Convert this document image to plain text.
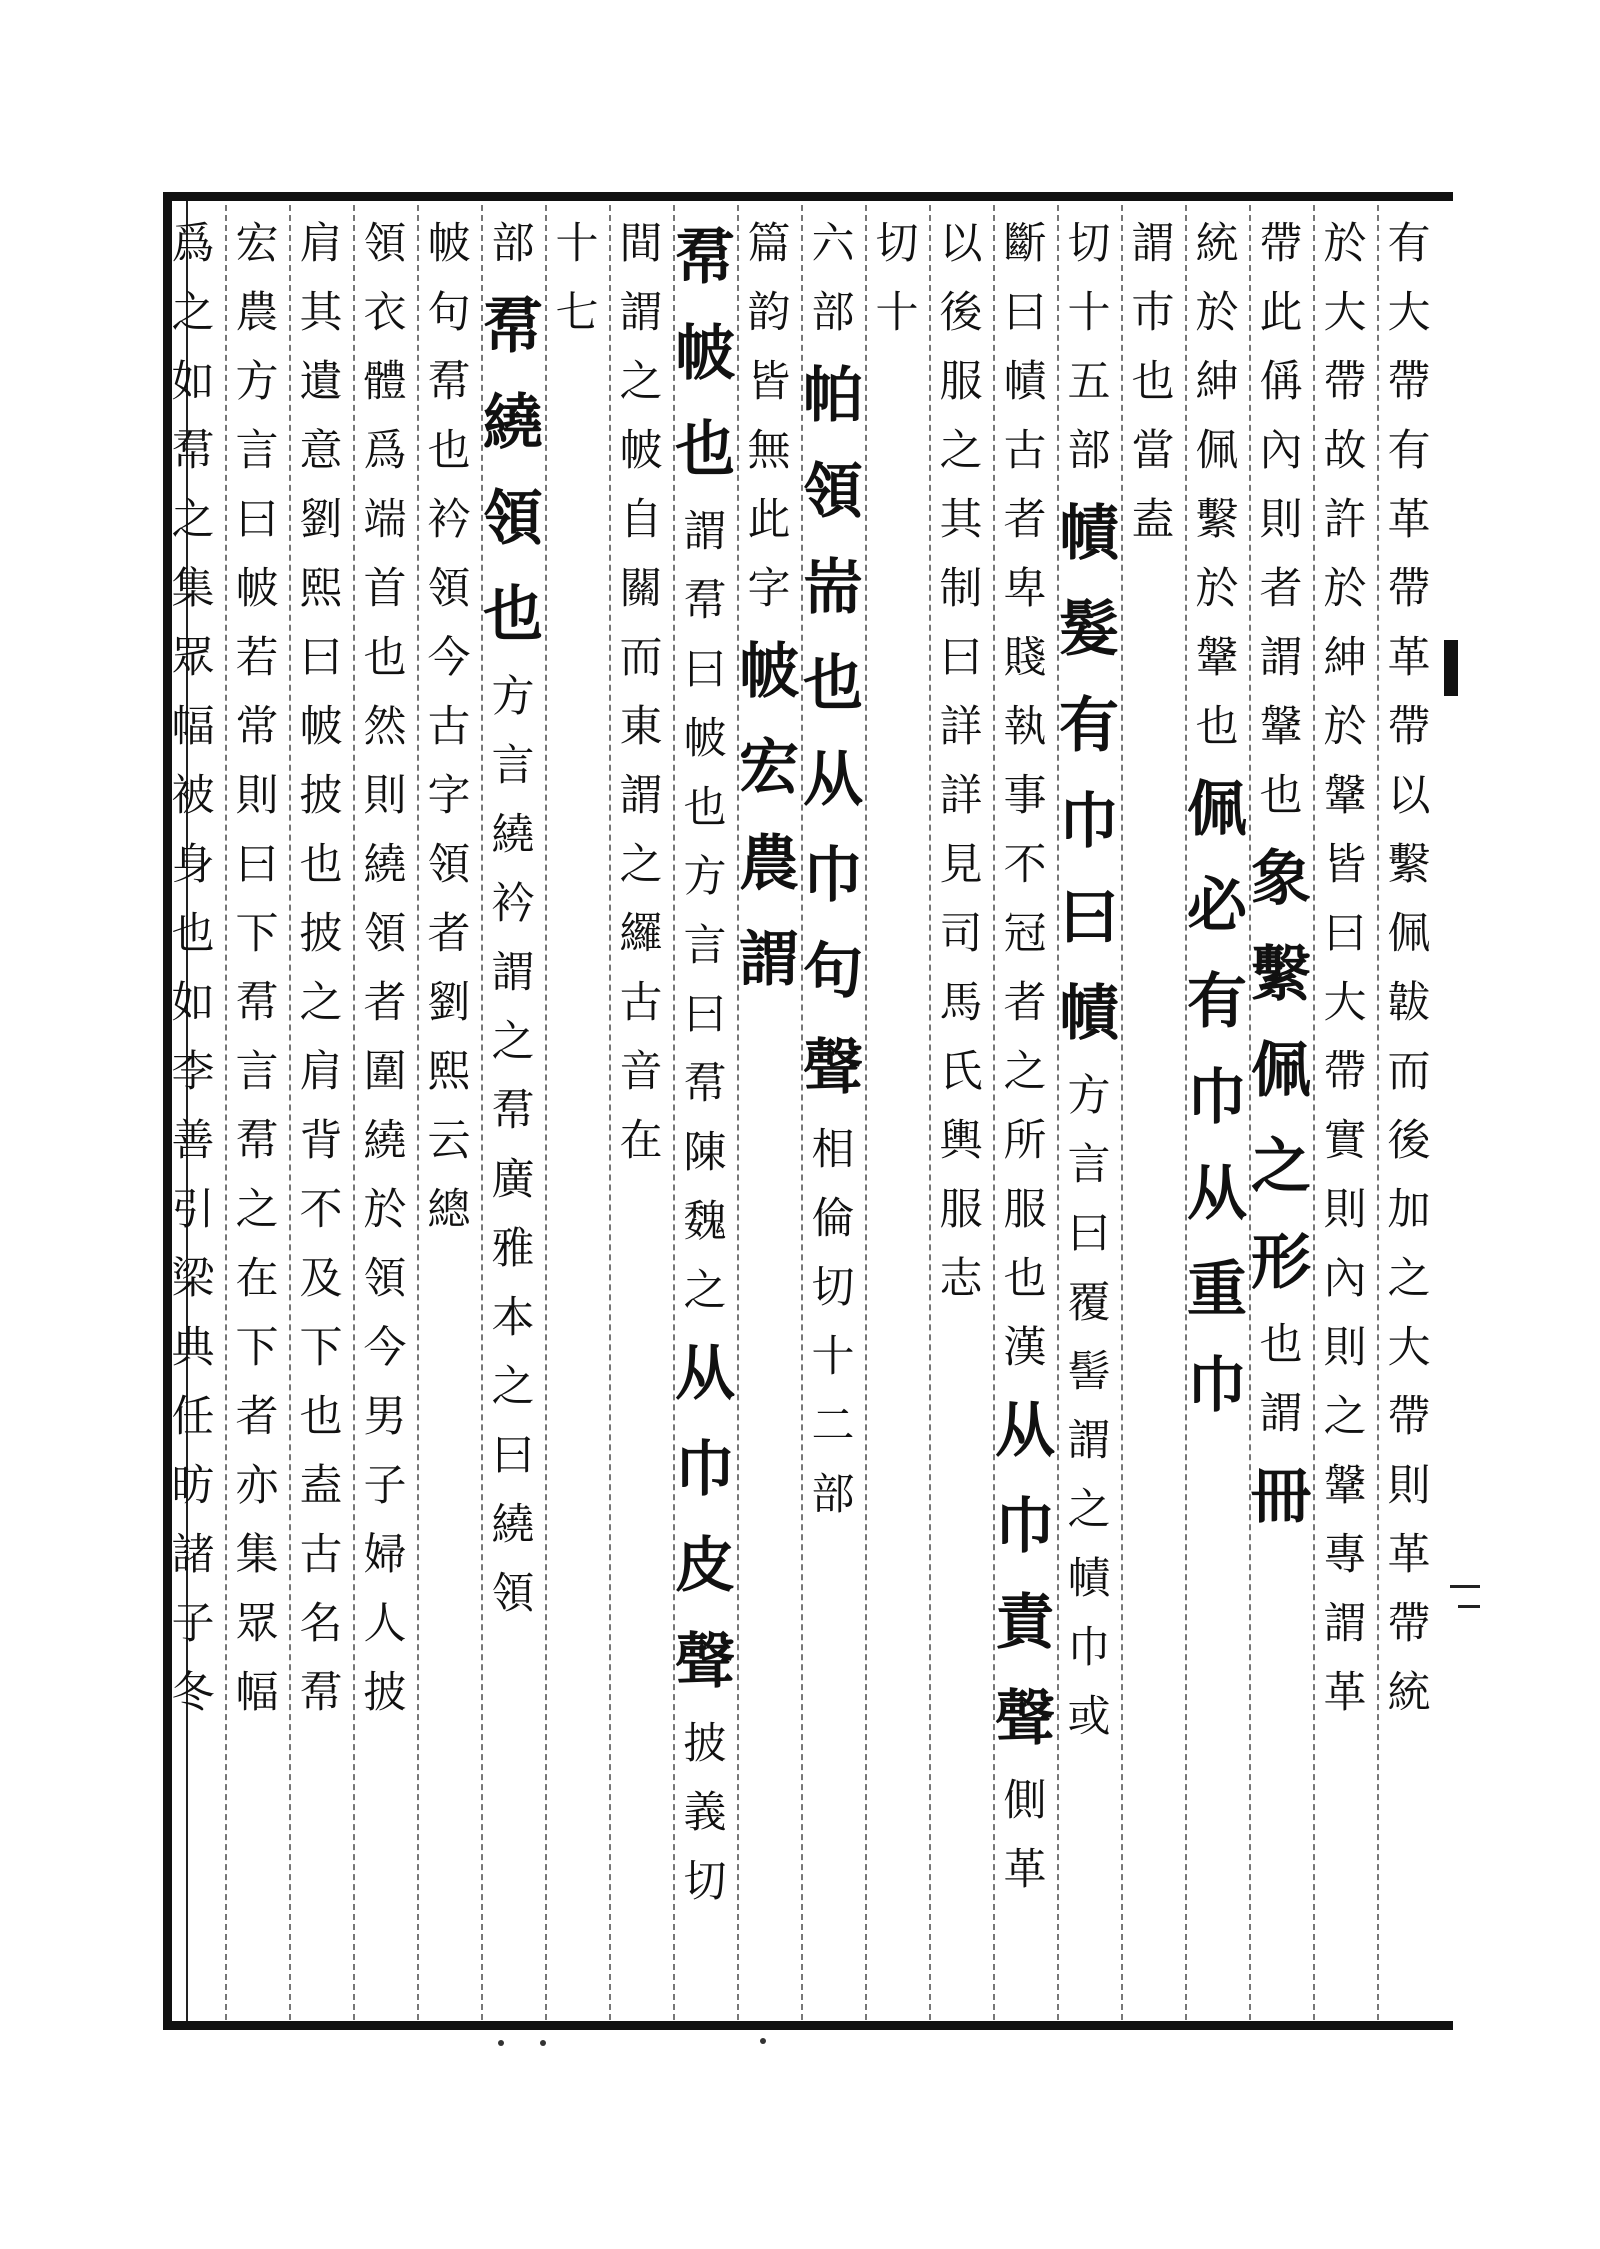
有
大
帶
有
革
帶
革
帶
以
繫
佩
韍
而
後
加
之
大
帶
則
革
帶
統
於
大
帶
故
許
於
紳
於
鞶
皆
曰
大
帶
實
則
內
則
之
鞶
專
謂
革
帶
此
偁
內
則
者
謂
鞶
也
象
繫
佩
之
形
也
謂
冊
統
於
紳
佩
繫
於
鞶
也
佩
必
有
巾
从
重
巾
謂
巿
也
當
盍
切
十
五
部
幘
髮
有
巾
曰
幘
方
言
曰
覆
髻
謂
之
幘
巾
或
斷
曰
幘
古
者
卑
賤
執
事
不
冠
者
之
所
服
也
漢
从
巾
責
聲
側
革
以
後
服
之
其
制
曰
詳
詳
見
司
馬
氏
輿
服
志
切
十
六
部
帕
領
耑
也
从
巾
句
聲
相
倫
切
十
二
部
篇
韵
皆
無
此
字
帔
宏
農
謂
帬
帔
也
謂
帬
曰
帔
也
方
言
曰
帬
陳
魏
之
从
巾
皮
聲
披
義
切
間
謂
之
帔
自
關
而
東
謂
之
纙
古
音
在
十
七
部
帬
繞
領
也
方
言
繞
衿
謂
之
帬
廣
雅
本
之
曰
繞
領
帔
句
帬
也
衿
領
今
古
字
領
者
劉
熙
云
總
領
衣
體
爲
端
首
也
然
則
繞
領
者
圍
繞
於
領
今
男
子
婦
人
披
肩
其
遺
意
劉
熙
曰
帔
披
也
披
之
肩
背
不
及
下
也
盍
古
名
帬
宏
農
方
言
曰
帔
若
常
則
曰
下
帬
言
帬
之
在
下
者
亦
集
眾
幅
爲
之
如
帬
之
集
眾
幅
被
身
也
如
李
善
引
梁
典
任
昉
諸
子
冬
